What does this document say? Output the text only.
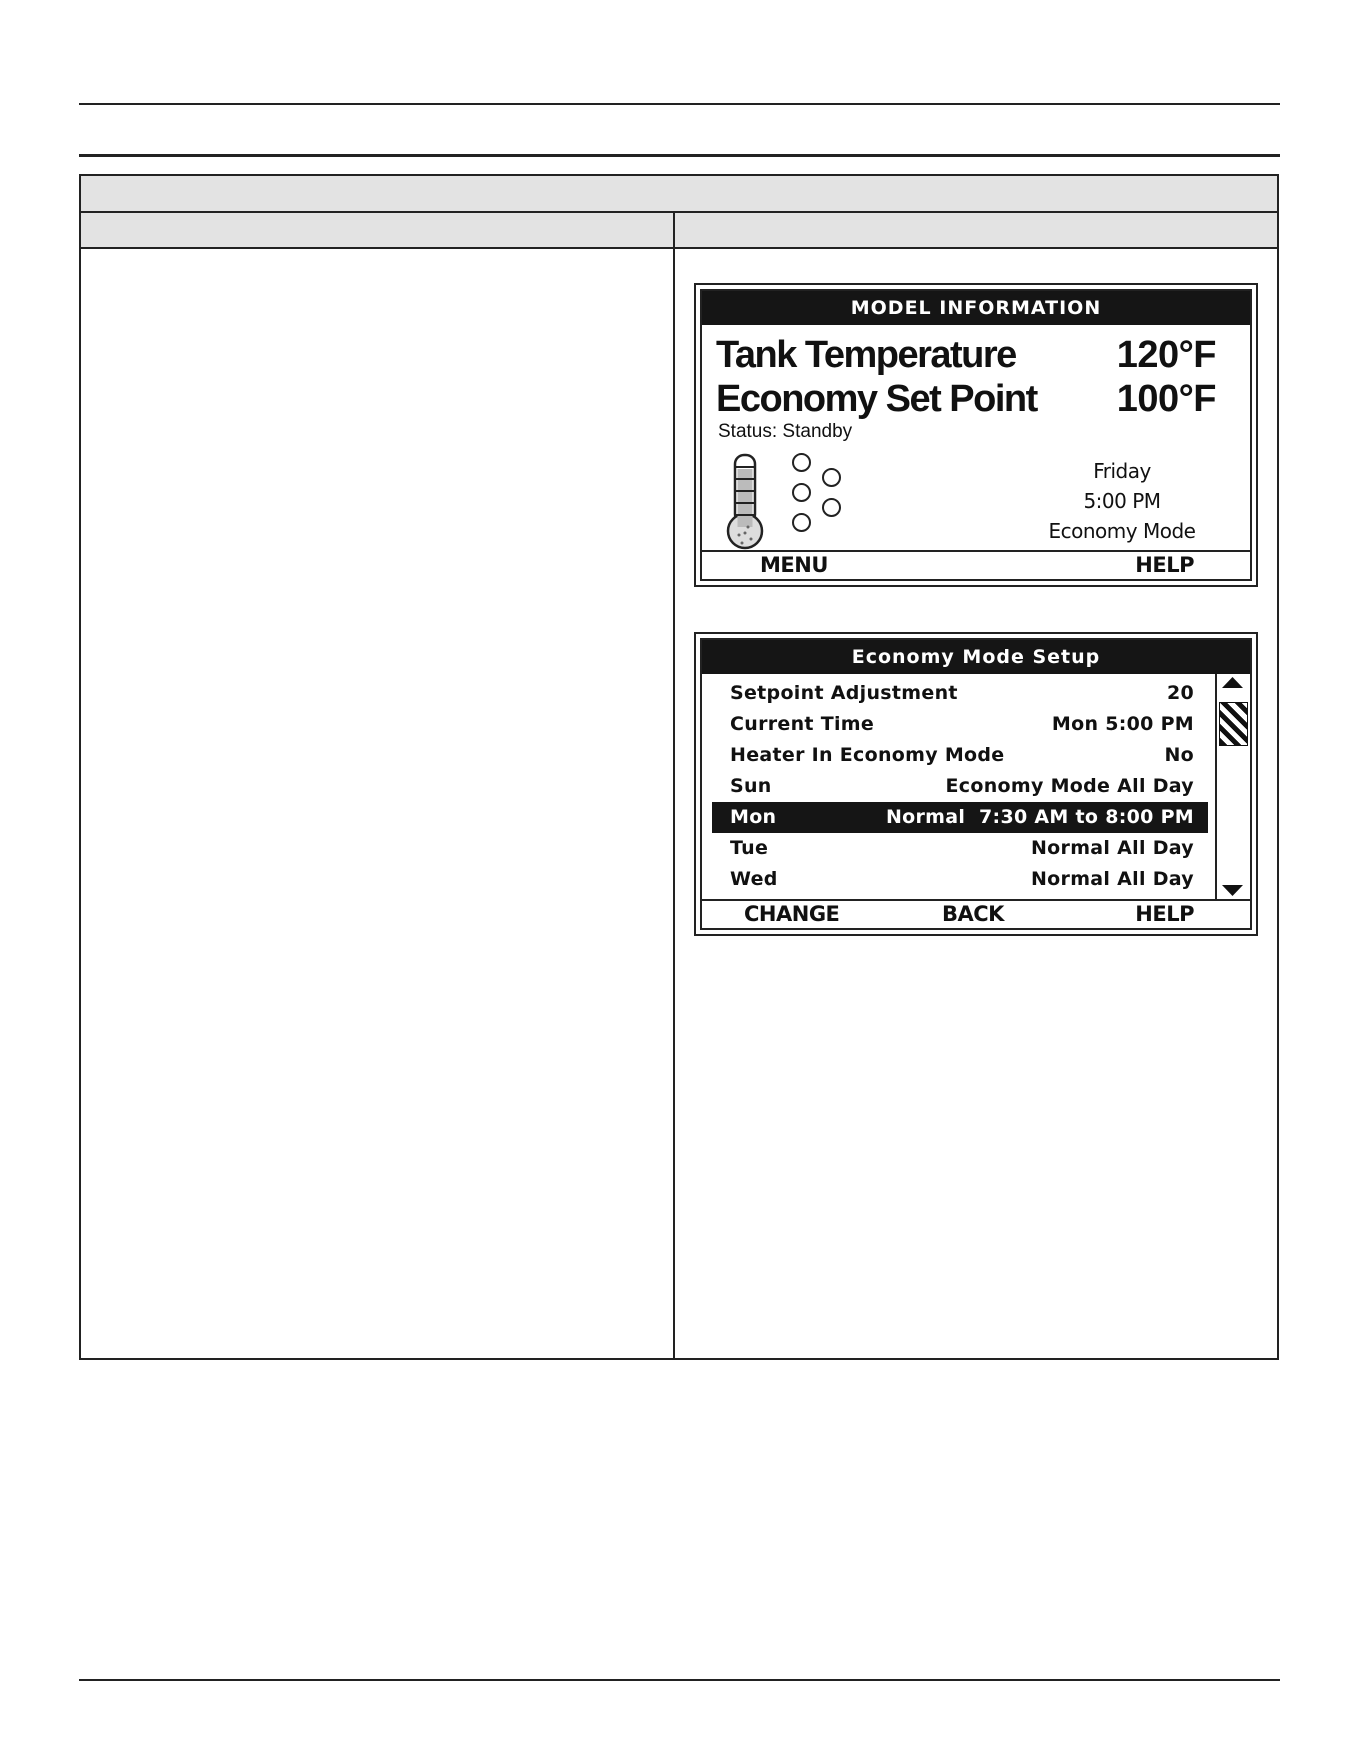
MODEL INFORMATION
Tank Temperature	120°F
Economy Set Point 100°F
Status: Standby
Friday
5:00 PM
Economy Mode
MENU	HELP
Economy Mode Setup
Setpoint Adjustment	20
Current Time	Mon 5:00 PM
Heater In Economy Mode	No
Sun	Economy Mode All Day
Mon	Normal  7:30 AM to 8:00 PM
Tue	Normal All Day
Wed	Normal All Day
CHANGE	BACK	HELP
